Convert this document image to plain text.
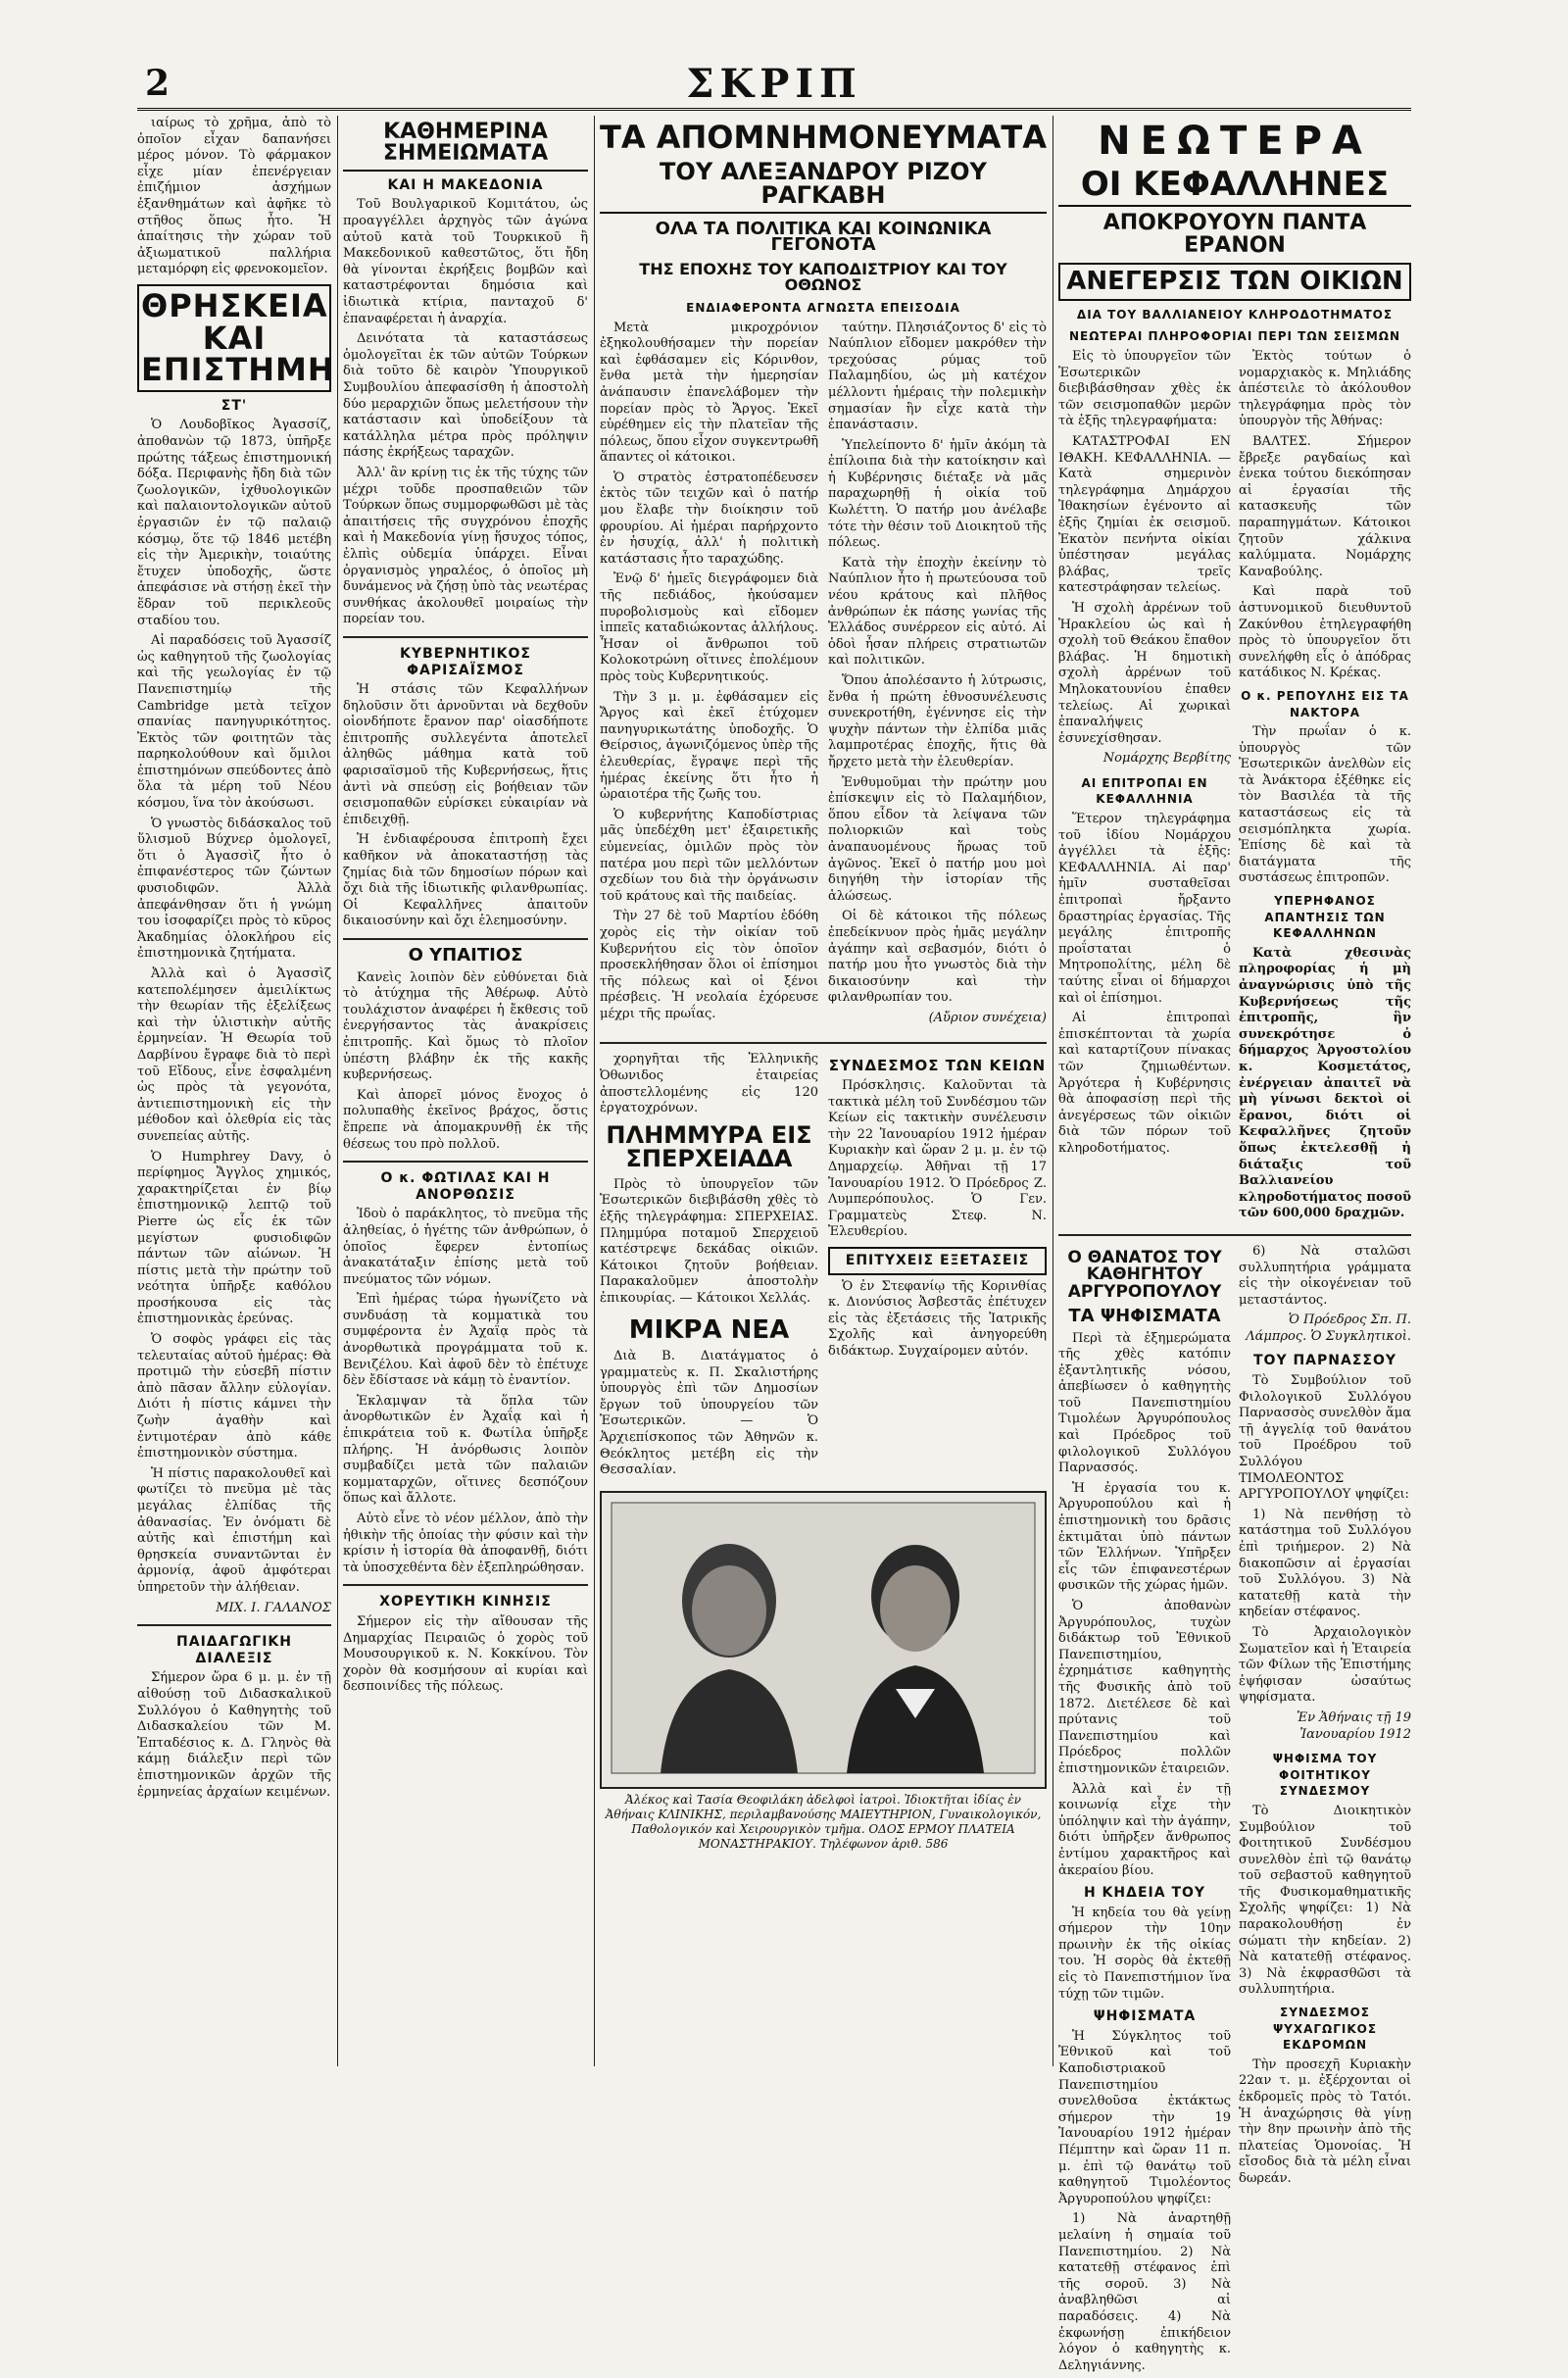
2	ΣΚΡΙΠ

ιαίρως τὸ χρῆμα, ἀπὸ τὸ ὁποῖον εἶχαν δαπανήσει μέρος μόνον. Τὸ φάρμακον εἶχε μίαν ἐπενέργειαν ἐπιζήμιον ἀσχήμων ἐξανθημάτων καὶ ἀφῆκε τὸ στῆθος ὅπως ἦτο. Ἡ ἀπαίτησις τὴν χώραν τοῦ ἀξιωματικοῦ παλλήρια μεταμόρφη εἰς φρενοκομεῖον.

ΘΡΗΣΚΕΙΑ ΚΑΙ ΕΠΙΣΤΗΜΗ
ΣΤ'

Ὁ Λουδοβῖκος Ἀγασσίζ, ἀποθανὼν τῷ 1873, ὑπῆρξε πρώτης τάξεως ἐπιστημονική δόξα. Περιφανὴς ἤδη διὰ τῶν ζωολογικῶν, ἰχθυολογικῶν καὶ παλαιοντολογικῶν αὐτοῦ ἐργασιῶν ἐν τῷ παλαιῷ κόσμῳ, ὅτε τῷ 1846 μετέβη εἰς τὴν Ἀμερικὴν, τοιαύτης ἔτυχεν ὑποδοχῆς, ὥστε ἀπεφάσισε νὰ στήσῃ ἐκεῖ τὴν ἕδραν τοῦ περικλεοῦς σταδίου του.

Αἱ παραδόσεις τοῦ Ἀγασσίζ ὡς καθηγητοῦ τῆς ζωολογίας καὶ τῆς γεωλογίας ἐν τῷ Πανεπιστημίῳ τῆς Cambridge μετὰ τεῖχον σπανίας πανηγυρικότητος. Ἐκτὸς τῶν φοιτητῶν τὰς παρηκολούθουν καὶ ὅμιλοι ἐπιστημόνων σπεύδοντες ἀπὸ ὅλα τὰ μέρη τοῦ Νέου κόσμου, ἵνα τὸν ἀκούσωσι.

Ὁ γνωστὸς διδάσκαλος τοῦ ὕλισμοῦ Βύχνερ ὁμολογεῖ, ὅτι ὁ Ἀγασσὶζ ἦτο ὁ ἐπιφανέστερος τῶν ζώντων φυσιοδιφῶν. Ἀλλὰ ἀπεφάνθησαν ὅτι ἡ γνώμη του ἰσοφαρίζει πρὸς τὸ κῦρος Ἀκαδημίας ὁλοκλήρου εἰς ἐπιστημονικὰ ζητήματα.

Ἀλλὰ καὶ ὁ Ἀγασσὶζ κατεπολέμησεν ἀμειλίκτως τὴν θεωρίαν τῆς ἐξελίξεως καὶ τὴν ὑλιστικὴν αὐτῆς ἑρμηνείαν. Ἡ Θεωρία τοῦ Δαρβίνου ἔγραφε διὰ τὸ περὶ τοῦ Εἴδους, εἶνε ἐσφαλμένη ὡς πρὸς τὰ γεγονότα, ἀντιεπιστημονικὴ εἰς τὴν μέθοδον καὶ ὀλεθρία εἰς τὰς συνεπείας αὐτῆς.

Ὁ Humphrey Davy, ὁ περίφημος Ἄγγλος χημικός, χαρακτηρίζεται ἐν βίῳ ἐπιστημονικῷ λεπτῷ τοῦ Pierre ὡς εἷς ἐκ τῶν μεγίστων φυσιοδιφῶν πάντων τῶν αἰώνων. Ἡ πίστις μετὰ τὴν πρώτην τοῦ νεότητα ὑπῆρξε καθόλου προσήκουσα εἰς τὰς ἐπιστημονικὰς ἐρεύνας.

Ὁ σοφὸς γράφει εἰς τὰς τελευταίας αὐτοῦ ἡμέρας: Θὰ προτιμῶ τὴν εὐσεβῆ πίστιν ἀπὸ πᾶσαν ἄλλην εὐλογίαν. Διότι ἡ πίστις κάμνει τὴν ζωὴν ἀγαθὴν καὶ ἐντιμοτέραν ἀπὸ κάθε ἐπιστημονικὸν σύστημα.

Ἡ πίστις παρακολουθεῖ καὶ φωτίζει τὸ πνεῦμα μὲ τὰς μεγάλας ἐλπίδας τῆς ἀθανασίας. Ἐν ὀνόματι δὲ αὐτῆς καὶ ἐπιστήμη καὶ θρησκεία συναντῶνται ἐν ἁρμονίᾳ, ἀφοῦ ἀμφότεραι ὑπηρετοῦν τὴν ἀλήθειαν.

ΜΙΧ. Ι. ΓΑΛΑΝΟΣ
ΠΑΙΔΑΓΩΓΙΚΗ ΔΙΑΛΕΞΙΣ

Σήμερον ὥρα 6 μ. μ. ἐν τῇ αἰθούσῃ τοῦ Διδασκαλικοῦ Συλλόγου ὁ Καθηγητὴς τοῦ Διδασκαλείου τῶν Μ. Ἐπταδέσιος κ. Δ. Γληνὸς θὰ κάμῃ διάλεξιν περὶ τῶν ἐπιστημονικῶν ἀρχῶν τῆς ἑρμηνείας ἀρχαίων κειμένων.

ΚΑΘΗΜΕΡΙΝΑ ΣΗΜΕΙΩΜΑΤΑ
ΚΑΙ Η ΜΑΚΕΔΟΝΙΑ

Τοῦ Βουλγαρικοῦ Κομιτάτου, ὡς προαγγέλλει ἀρχηγὸς τῶν ἀγώνα αὐτοῦ κατὰ τοῦ Τουρκικοῦ ἢ Μακεδονικοῦ καθεστῶτος, ὅτι ἤδη θὰ γίνονται ἐκρήξεις βομβῶν καὶ καταστρέφονται δημόσια καὶ ἰδιωτικὰ κτίρια, πανταχοῦ δ' ἐπαναφέρεται ἡ ἀναρχία.

Δεινότατα τὰ καταστάσεως ὁμολογεῖται ἐκ τῶν αὐτῶν Τούρκων διὰ τοῦτο δὲ καιρὸν Ὑπουργικοῦ Συμβουλίου ἀπεφασίσθη ἡ ἀποστολὴ δύο μεραρχιῶν ὅπως μελετήσουν τὴν κατάστασιν καὶ ὑποδείξουν τὰ κατάλληλα μέτρα πρὸς πρόληψιν πάσης ἐκρήξεως ταραχῶν.

Ἀλλ' ἂν κρίνῃ τις ἐκ τῆς τύχης τῶν μέχρι τοῦδε προσπαθειῶν τῶν Τούρκων ὅπως συμμορφωθῶσι μὲ τὰς ἀπαιτήσεις τῆς συγχρόνου ἐποχῆς καὶ ἡ Μακεδονία γίνῃ ἥσυχος τόπος, ἐλπὶς οὐδεμία ὑπάρχει. Εἶναι ὀργανισμὸς γηραλέος, ὁ ὁποῖος μὴ δυνάμενος νὰ ζήσῃ ὑπὸ τὰς νεωτέρας συνθήκας ἀκολουθεῖ μοιραίως τὴν πορείαν του.

ΚΥΒΕΡΝΗΤΙΚΟΣ ΦΑΡΙΣΑΪΣΜΟΣ

Ἡ στάσις τῶν Κεφαλλήνων δηλοῦσιν ὅτι ἀρνοῦνται νὰ δεχθοῦν οἱονδήποτε ἔρανον παρ' οἱασδήποτε ἐπιτροπῆς συλλεγέντα ἀποτελεῖ ἀληθῶς μάθημα κατὰ τοῦ φαρισαϊσμοῦ τῆς Κυβερνήσεως, ἥτις ἀντὶ νὰ σπεύσῃ εἰς βοήθειαν τῶν σεισμοπαθῶν εὑρίσκει εὐκαιρίαν νὰ ἐπιδειχθῇ.

Ἡ ἐνδιαφέρουσα ἐπιτροπὴ ἔχει καθῆκον νὰ ἀποκαταστήσῃ τὰς ζημίας διὰ τῶν δημοσίων πόρων καὶ ὄχι διὰ τῆς ἰδιωτικῆς φιλανθρωπίας. Οἱ Κεφαλλῆνες ἀπαιτοῦν δικαιοσύνην καὶ ὄχι ἐλεημοσύνην.

Ο ΥΠΑΙΤΙΟΣ

Κανεὶς λοιπὸν δὲν εὐθύνεται διὰ τὸ ἀτύχημα τῆς Ἀθέρωφ. Αὐτὸ τουλάχιστον ἀναφέρει ἡ ἔκθεσις τοῦ ἐνεργήσαντος τὰς ἀνακρίσεις ἐπιτροπῆς. Καὶ ὅμως τὸ πλοῖον ὑπέστη βλάβην ἐκ τῆς κακῆς κυβερνήσεως.

Καὶ ἀπορεῖ μόνος ἔνοχος ὁ πολυπαθὴς ἐκεῖνος βράχος, ὅστις ἔπρεπε νὰ ἀπομακρυνθῇ ἐκ τῆς θέσεως του πρὸ πολλοῦ.

Ο κ. ΦΩΤΙΛΑΣ ΚΑΙ Η ΑΝΟΡΘΩΣΙΣ

Ἰδοὺ ὁ παράκλητος, τὸ πνεῦμα τῆς ἀληθείας, ὁ ἡγέτης τῶν ἀνθρώπων, ὁ ὁποῖος ἔφερεν ἐντοπίως ἀνακατάταξιν ἐπίσης μετὰ τοῦ πνεύματος τῶν νόμων.

Ἐπὶ ἡμέρας τώρα ἠγωνίζετο νὰ συνδυάσῃ τὰ κομματικὰ του συμφέροντα ἐν Ἀχαΐᾳ πρὸς τὰ ἀνορθωτικὰ προγράμματα τοῦ κ. Βενιζέλου. Καὶ ἀφοῦ δὲν τὸ ἐπέτυχε δὲν ἔδίστασε νὰ κάμῃ τὸ ἐναντίον.

Ἐκλαμψαν τὰ ὅπλα τῶν ἀνορθωτικῶν ἐν Ἀχαΐᾳ καὶ ἡ ἐπικράτεια τοῦ κ. Φωτίλα ὑπῆρξε πλήρης. Ἡ ἀνόρθωσις λοιπὸν συμβαδίζει μετὰ τῶν παλαιῶν κομματαρχῶν, οἵτινες δεσπόζουν ὅπως καὶ ἄλλοτε.

Αὐτὸ εἶνε τὸ νέον μέλλον, ἀπὸ τὴν ἠθικὴν τῆς ὁποίας τὴν φύσιν καὶ τὴν κρίσιν ἡ ἱστορία θὰ ἀποφανθῇ, διότι τὰ ὑποσχεθέντα δὲν ἐξεπληρώθησαν.

ΧΟΡΕΥΤΙΚΗ ΚΙΝΗΣΙΣ

Σήμερον εἰς τὴν αἴθουσαν τῆς Δημαρχίας Πειραιῶς ὁ χορὸς τοῦ Μουσουργικοῦ κ. Ν. Κοκκίνου. Τὸν χορὸν θὰ κοσμήσουν αἱ κυρίαι καὶ δεσποινίδες τῆς πόλεως.

ΤΑ ΑΠΟΜΝΗΜΟΝΕΥΜΑΤΑ
ΤΟΥ ΑΛΕΞΑΝΔΡΟΥ ΡΙΖΟΥ ΡΑΓΚΑΒΗ
ΟΛΑ ΤΑ ΠΟΛΙΤΙΚΑ ΚΑΙ ΚΟΙΝΩΝΙΚΑ ΓΕΓΟΝΟΤΑ
ΤΗΣ ΕΠΟΧΗΣ ΤΟΥ ΚΑΠΟΔΙΣΤΡΙΟΥ ΚΑΙ ΤΟΥ ΟΘΩΝΟΣ
ΕΝΔΙΑΦΕΡΟΝΤΑ ΑΓΝΩΣΤΑ ΕΠΕΙΣΟΔΙΑ

Μετὰ μικροχρόνιον ἐξηκολουθήσαμεν τὴν πορείαν καὶ ἐφθάσαμεν εἰς Κόρινθον, ἔνθα μετὰ τὴν ἡμερησίαν ἀνάπαυσιν ἐπανελάβομεν τὴν πορείαν πρὸς τὸ Ἄργος. Ἐκεῖ εὑρέθημεν εἰς τὴν πλατεῖαν τῆς πόλεως, ὅπου εἶχον συγκεντρωθῆ ἅπαντες οἱ κάτοικοι.

Ὁ στρατὸς ἐστρατοπέδευσεν ἐκτὸς τῶν τειχῶν καὶ ὁ πατήρ μου ἔλαβε τὴν διοίκησιν τοῦ φρουρίου. Αἱ ἡμέραι παρήρχοντο ἐν ἡσυχίᾳ, ἀλλ' ἡ πολιτικὴ κατάστασις ἦτο ταραχώδης.

Ἐνῷ δ' ἡμεῖς διεγράφομεν διὰ τῆς πεδιάδος, ἠκούσαμεν πυροβολισμοὺς καὶ εἴδομεν ἱππεῖς καταδιώκοντας ἀλλήλους. Ἦσαν οἱ ἄνθρωποι τοῦ Κολοκοτρώνη οἵτινες ἐπολέμουν πρὸς τοὺς Κυβερνητικούς.

Τὴν 3 μ. μ. ἐφθάσαμεν εἰς Ἄργος καὶ ἐκεῖ ἐτύχομεν πανηγυρικωτάτης ὑποδοχῆς. Ὁ Θείρσιος, ἀγωνιζόμενος ὑπὲρ τῆς ἐλευθερίας, ἔγραψε περὶ τῆς ἡμέρας ἐκείνης ὅτι ἦτο ἡ ὡραιοτέρα τῆς ζωῆς του.

Ὁ κυβερνήτης Καποδίστριας μᾶς ὑπεδέχθη μετ' ἐξαιρετικῆς εὐμενείας, ὁμιλῶν πρὸς τὸν πατέρα μου περὶ τῶν μελλόντων σχεδίων του διὰ τὴν ὀργάνωσιν τοῦ κράτους καὶ τῆς παιδείας.

Τὴν 27 δὲ τοῦ Μαρτίου ἐδόθη χορὸς εἰς τὴν οἰκίαν τοῦ Κυβερνήτου εἰς τὸν ὁποῖον προσεκλήθησαν ὅλοι οἱ ἐπίσημοι τῆς πόλεως καὶ οἱ ξένοι πρέσβεις. Ἡ νεολαία ἐχόρευσε μέχρι τῆς πρωΐας.

ταύτην. Πλησιάζοντος δ' εἰς τὸ Ναύπλιον εἴδομεν μακρόθεν τὴν τρεχούσας ρύμας τοῦ Παλαμηδίου, ὡς μὴ κατέχον μέλλοντι ἡμέραις τὴν πολεμικὴν σημασίαν ἣν εἶχε κατὰ τὴν ἐπανάστασιν.

Ὑπελείποντο δ' ἡμῖν ἀκόμη τὰ ἐπίλοιπα διὰ τὴν κατοίκησιν καὶ ἡ Κυβέρνησις διέταξε νὰ μᾶς παραχωρηθῇ ἡ οἰκία τοῦ Κωλέττη. Ὁ πατήρ μου ἀνέλαβε τότε τὴν θέσιν τοῦ Διοικητοῦ τῆς πόλεως.

Κατὰ τὴν ἐποχὴν ἐκείνην τὸ Ναύπλιον ἦτο ἡ πρωτεύουσα τοῦ νέου κράτους καὶ πλῆθος ἀνθρώπων ἐκ πάσης γωνίας τῆς Ἑλλάδος συνέρρεον εἰς αὐτό. Αἱ ὁδοὶ ἦσαν πλήρεις στρατιωτῶν καὶ πολιτικῶν.

Ὅπου ἀπολέσαντο ἡ λύτρωσις, ἔνθα ἡ πρώτη ἐθνοσυνέλευσις συνεκροτήθη, ἐγέννησε εἰς τὴν ψυχὴν πάντων τὴν ἐλπίδα μιᾶς λαμπροτέρας ἐποχῆς, ἥτις θὰ ἤρχετο μετὰ τὴν ἐλευθερίαν.

Ἐνθυμοῦμαι τὴν πρώτην μου ἐπίσκεψιν εἰς τὸ Παλαμήδιον, ὅπου εἶδον τὰ λείψανα τῶν πολιορκιῶν καὶ τοὺς ἀναπαυομένους ἥρωας τοῦ ἀγῶνος. Ἐκεῖ ὁ πατήρ μου μοὶ διηγήθη τὴν ἱστορίαν τῆς ἁλώσεως.

Οἱ δὲ κάτοικοι τῆς πόλεως ἐπεδείκνυον πρὸς ἡμᾶς μεγάλην ἀγάπην καὶ σεβασμόν, διότι ὁ πατήρ μου ἦτο γνωστὸς διὰ τὴν δικαιοσύνην καὶ τὴν φιλανθρωπίαν του.

(Αὔριον συνέχεια)

χορηγῆται τῆς Ἑλληνικῆς Ὀθωνιδος ἐταιρείας ἀποστελλομένης εἰς 120 ἐργατοχρόνων.

ΠΛΗΜΜΥΡΑ ΕΙΣ ΣΠΕΡΧΕΙΑΔΑ

Πρὸς τὸ ὑπουργεῖον τῶν Ἐσωτερικῶν διεβιβάσθη χθὲς τὸ ἑξῆς τηλεγράφημα: ΣΠΕΡΧΕΙΑΣ. Πλημμύρα ποταμοῦ Σπερχειοῦ κατέστρεψε δεκάδας οἰκιῶν. Κάτοικοι ζητοῦν βοήθειαν. Παρακαλοῦμεν ἀποστολὴν ἐπικουρίας. — Κάτοικοι Χελλάς.

ΜΙΚΡΑ ΝΕΑ

Διὰ Β. Διατάγματος ὁ γραμματεὺς κ. Π. Σκαλιστήρης ὑπουργὸς ἐπὶ τῶν Δημοσίων ἔργων τοῦ ὑπουργείου τῶν Ἐσωτερικῶν. — Ὁ Ἀρχιεπίσκοπος τῶν Ἀθηνῶν κ. Θεόκλητος μετέβη εἰς τὴν Θεσσαλίαν.

ΣΥΝΔΕΣΜΟΣ ΤΩΝ ΚΕΙΩΝ

Πρόσκλησις. Καλοῦνται τὰ τακτικὰ μέλη τοῦ Συνδέσμου τῶν Κείων εἰς τακτικὴν συνέλευσιν τὴν 22 Ἰανουαρίου 1912 ἡμέραν Κυριακὴν καὶ ὥραν 2 μ. μ. ἐν τῷ Δημαρχείῳ. Ἀθῆναι τῇ 17 Ἰανουαρίου 1912. Ὁ Πρόεδρος Ζ. Λυμπερόπουλος. Ὁ Γεν. Γραμματεὺς Στεφ. Ν. Ἐλευθερίου.

ΕΠΙΤΥΧΕΙΣ ΕΞΕΤΑΣΕΙΣ

Ὁ ἐν Στεφανίῳ τῆς Κορινθίας κ. Διονύσιος Ἀσβεστᾶς ἐπέτυχεν εἰς τὰς ἐξετάσεις τῆς Ἰατρικῆς Σχολῆς καὶ ἀνηγορεύθη διδάκτωρ. Συγχαίρομεν αὐτόν.

Ἀλέκος καὶ Τασία Θεοφιλάκη ἀδελφοὶ ἰατροὶ. Ἰδιοκτῆται ἰδίας ἐν Ἀθήναις ΚΛΙΝΙΚΗΣ, περιλαμβανούσης ΜΑΙΕΥΤΗΡΙΟΝ, Γυναικολογικόν, Παθολογικόν καὶ Χειρουργικὸν τμῆμα. ΟΔΟΣ ΕΡΜΟΥ ΠΛΑΤΕΙΑ ΜΟΝΑΣΤΗΡΑΚΙΟΥ. Τηλέφωνον ἀριθ. 586
ΝΕΩΤΕΡΑ
ΟΙ ΚΕΦΑΛΛΗΝΕΣ
ΑΠΟΚΡΟΥΟΥΝ ΠΑΝΤΑ ΕΡΑΝΟΝ
ΑΝΕΓΕΡΣΙΣ ΤΩΝ ΟΙΚΙΩΝ
ΔΙΑ ΤΟΥ ΒΑΛΛΙΑΝΕΙΟΥ ΚΛΗΡΟΔΟΤΗΜΑΤΟΣ
ΝΕΩΤΕΡΑΙ ΠΛΗΡΟΦΟΡΙΑΙ ΠΕΡΙ ΤΩΝ ΣΕΙΣΜΩΝ

Εἰς τὸ ὑπουργεῖον τῶν Ἐσωτερικῶν διεβιβάσθησαν χθὲς ἐκ τῶν σεισμοπαθῶν μερῶν τὰ ἑξῆς τηλεγραφήματα:

ΚΑΤΑΣΤΡΟΦΑΙ ΕΝ ΙΘΑΚΗ. ΚΕΦΑΛΛΗΝΙΑ. — Κατὰ σημερινὸν τηλεγράφημα Δημάρχου Ἰθακησίων ἐγένοντο αἱ ἑξῆς ζημίαι ἐκ σεισμοῦ. Ἐκατὸν πενήντα οἰκίαι ὑπέστησαν μεγάλας βλάβας, τρεῖς κατεστράφησαν τελείως.

Ἡ σχολὴ ἀρρένων τοῦ Ἡρακλείου ὡς καὶ ἡ σχολὴ τοῦ Θεάκου ἔπαθον βλάβας. Ἡ δημοτικὴ σχολὴ ἀρρένων τοῦ Μηλοκατουνίου ἐπαθεν τελείως. Αἱ χωρικαὶ ἐπαναλήψεις ἐσυνεχίσθησαν.

Νομάρχης Βερβίτης
ΑΙ ΕΠΙΤΡΟΠΑΙ ΕΝ ΚΕΦΑΛΛΗΝΙΑ

Ἕτερον τηλεγράφημα τοῦ ἰδίου Νομάρχου ἀγγέλλει τὰ ἑξῆς: ΚΕΦΑΛΛΗΝΙΑ. Αἱ παρ' ἡμῖν συσταθεῖσαι ἐπιτροπαὶ ἤρξαντο δραστηρίας ἐργασίας. Τῆς μεγάλης ἐπιτροπῆς προΐσταται ὁ Μητροπολίτης, μέλη δὲ ταύτης εἶναι οἱ δήμαρχοι καὶ οἱ ἐπίσημοι.

Αἱ ἐπιτροπαὶ ἐπισκέπτονται τὰ χωρία καὶ καταρτίζουν πίνακας τῶν ζημιωθέντων. Ἀργότερα ἡ Κυβέρνησις θὰ ἀποφασίσῃ περὶ τῆς ἀνεγέρσεως τῶν οἰκιῶν διὰ τῶν πόρων τοῦ κληροδοτήματος.

Ἐκτὸς τούτων ὁ νομαρχιακὸς κ. Μηλιάδης ἀπέστειλε τὸ ἀκόλουθον τηλεγράφημα πρὸς τὸν ὑπουργὸν τῆς Ἀθήνας:

ΒΑΛΤΕΣ. Σήμερον ἔβρεξε ραγδαίως καὶ ἐνεκα τούτου διεκόπησαν αἱ ἐργασίαι τῆς κατασκευῆς τῶν παραπηγμάτων. Κάτοικοι ζητοῦν χάλκινα καλύμματα. Νομάρχης Καναβούλης.

Καὶ παρὰ τοῦ ἀστυνομικοῦ διευθυντοῦ Ζακύνθου ἐτηλεγραφήθη πρὸς τὸ ὑπουργεῖον ὅτι συνελήφθη εἷς ὁ ἀπόδρας κατάδικος Ν. Κρέκας.

Ο κ. ΡΕΠΟΥΛΗΣ ΕΙΣ ΤΑ ΝΑΚΤΟΡΑ

Τὴν πρωΐαν ὁ κ. ὑπουργὸς τῶν Ἐσωτερικῶν ἀνελθὼν εἰς τὰ Ἀνάκτορα ἐξέθηκε εἰς τὸν Βασιλέα τὰ τῆς καταστάσεως εἰς τὰ σεισμόπληκτα χωρία. Ἐπίσης δὲ καὶ τὰ διατάγματα τῆς συστάσεως ἐπιτροπῶν.

ΥΠΕΡΗΦΑΝΟΣ ΑΠΑΝΤΗΣΙΣ ΤΩΝ ΚΕΦΑΛΛΗΝΩΝ

Κατὰ χθεσινὰς πληροφορίας ἡ μὴ ἀναγνώρισις ὑπὸ τῆς Κυβερνήσεως τῆς ἐπιτροπῆς, ἣν συνεκρότησε ὁ δήμαρχος Ἀργοστολίου κ. Κοσμετάτος, ἐνέργειαν ἀπαιτεῖ νὰ μὴ γίνωσι δεκτοὶ οἱ ἔρανοι, διότι οἱ Κεφαλλῆνες ζητοῦν ὅπως ἐκτελεσθῇ ἡ διάταξις τοῦ Βαλλιανείου κληροδοτήματος ποσοῦ τῶν 600,000 δραχμῶν.

Ο ΘΑΝΑΤΟΣ ΤΟΥ ΚΑΘΗΓΗΤΟΥ ΑΡΓΥΡΟΠΟΥΛΟΥ
ΤΑ ΨΗΦΙΣΜΑΤΑ

Περὶ τὰ ἐξημερώματα τῆς χθὲς κατόπιν ἐξαντλητικῆς νόσου, ἀπεβίωσεν ὁ καθηγητὴς τοῦ Πανεπιστημίου Τιμολέων Ἀργυρόπουλος καὶ Πρόεδρος τοῦ φιλολογικοῦ Συλλόγου Παρνασσός.

Ἡ ἐργασία του κ. Ἀργυροπούλου καὶ ἡ ἐπιστημονικὴ του δρᾶσις ἐκτιμᾶται ὑπὸ πάντων τῶν Ἑλλήνων. Ὑπῆρξεν εἷς τῶν ἐπιφανεστέρων φυσικῶν τῆς χώρας ἡμῶν.

Ὁ ἀποθανὼν Ἀργυρόπουλος, τυχὼν διδάκτωρ τοῦ Ἐθνικοῦ Πανεπιστημίου, ἐχρημάτισε καθηγητὴς τῆς Φυσικῆς ἀπὸ τοῦ 1872. Διετέλεσε δὲ καὶ πρύτανις τοῦ Πανεπιστημίου καὶ Πρόεδρος πολλῶν ἐπιστημονικῶν ἑταιρειῶν.

Ἀλλὰ καὶ ἐν τῇ κοινωνίᾳ εἶχε τὴν ὑπόληψιν καὶ τὴν ἀγάπην, διότι ὑπῆρξεν ἄνθρωπος ἐντίμου χαρακτῆρος καὶ ἀκεραίου βίου.

Η ΚΗΔΕΙΑ ΤΟΥ

Ἡ κηδεία του θὰ γείνῃ σήμερον τὴν 10ην πρωινὴν ἐκ τῆς οἰκίας του. Ἡ σορὸς θὰ ἐκτεθῇ εἰς τὸ Πανεπιστήμιον ἵνα τύχῃ τῶν τιμῶν.

ΨΗΦΙΣΜΑΤΑ

Ἡ Σύγκλητος τοῦ Ἐθνικοῦ καὶ τοῦ Καποδιστριακοῦ Πανεπιστημίου συνελθοῦσα ἐκτάκτως σήμερον τὴν 19 Ἰανουαρίου 1912 ἡμέραν Πέμπτην καὶ ὥραν 11 π. μ. ἐπὶ τῷ θανάτῳ τοῦ καθηγητοῦ Τιμολέοντος Ἀργυροπούλου ψηφίζει:

1) Νὰ ἀναρτηθῇ μελαίνη ἡ σημαία τοῦ Πανεπιστημίου. 2) Νὰ κατατεθῇ στέφανος ἐπὶ τῆς σοροῦ. 3) Νὰ ἀναβληθῶσι αἱ παραδόσεις. 4) Νὰ ἐκφωνήσῃ ἐπικήδειον λόγον ὁ καθηγητὴς κ. Δεληγιάννης.

6) Νὰ σταλῶσι συλλυπητήρια γράμματα εἰς τὴν οἰκογένειαν τοῦ μεταστάντος.

Ὁ Πρόεδρος Σπ. Π. Λάμπρος. Ὁ Συγκλητικοὶ.
ΤΟΥ ΠΑΡΝΑΣΣΟΥ

Τὸ Συμβούλιον τοῦ Φιλολογικοῦ Συλλόγου Παρνασσὸς συνελθὸν ἅμα τῇ ἀγγελίᾳ τοῦ θανάτου τοῦ Προέδρου τοῦ Συλλόγου ΤΙΜΟΛΕΟΝΤΟΣ ΑΡΓΥΡΟΠΟΥΛΟΥ ψηφίζει:

1) Νὰ πενθήσῃ τὸ κατάστημα τοῦ Συλλόγου ἐπὶ τριήμερον. 2) Νὰ διακοπῶσιν αἱ ἐργασίαι τοῦ Συλλόγου. 3) Νὰ κατατεθῇ κατὰ τὴν κηδείαν στέφανος.

Τὸ Ἀρχαιολογικὸν Σωματεῖον καὶ ἡ Ἑταιρεία τῶν Φίλων τῆς Ἐπιστήμης ἐψήφισαν ὡσαύτως ψηφίσματα.

Ἐν Ἀθήναις τῇ 19 Ἰανουαρίου 1912
ΨΗΦΙΣΜΑ ΤΟΥ ΦΟΙΤΗΤΙΚΟΥ ΣΥΝΔΕΣΜΟΥ

Τὸ Διοικητικὸν Συμβούλιον τοῦ Φοιτητικοῦ Συνδέσμου συνελθὸν ἐπὶ τῷ θανάτῳ τοῦ σεβαστοῦ καθηγητοῦ τῆς Φυσικομαθηματικῆς Σχολῆς ψηφίζει: 1) Νὰ παρακολουθήσῃ ἐν σώματι τὴν κηδείαν. 2) Νὰ κατατεθῇ στέφανος. 3) Νὰ ἐκφρασθῶσι τὰ συλλυπητήρια.

ΣΥΝΔΕΣΜΟΣ ΨΥΧΑΓΩΓΙΚΟΣ ΕΚΔΡΟΜΩΝ

Τὴν προσεχῆ Κυριακὴν 22αν τ. μ. ἐξέρχονται οἱ ἐκδρομεῖς πρὸς τὸ Τατόι. Ἡ ἀναχώρησις θὰ γίνῃ τὴν 8ην πρωινὴν ἀπὸ τῆς πλατείας Ὁμονοίας. Ἡ εἴσοδος διὰ τὰ μέλη εἶναι δωρεάν.
